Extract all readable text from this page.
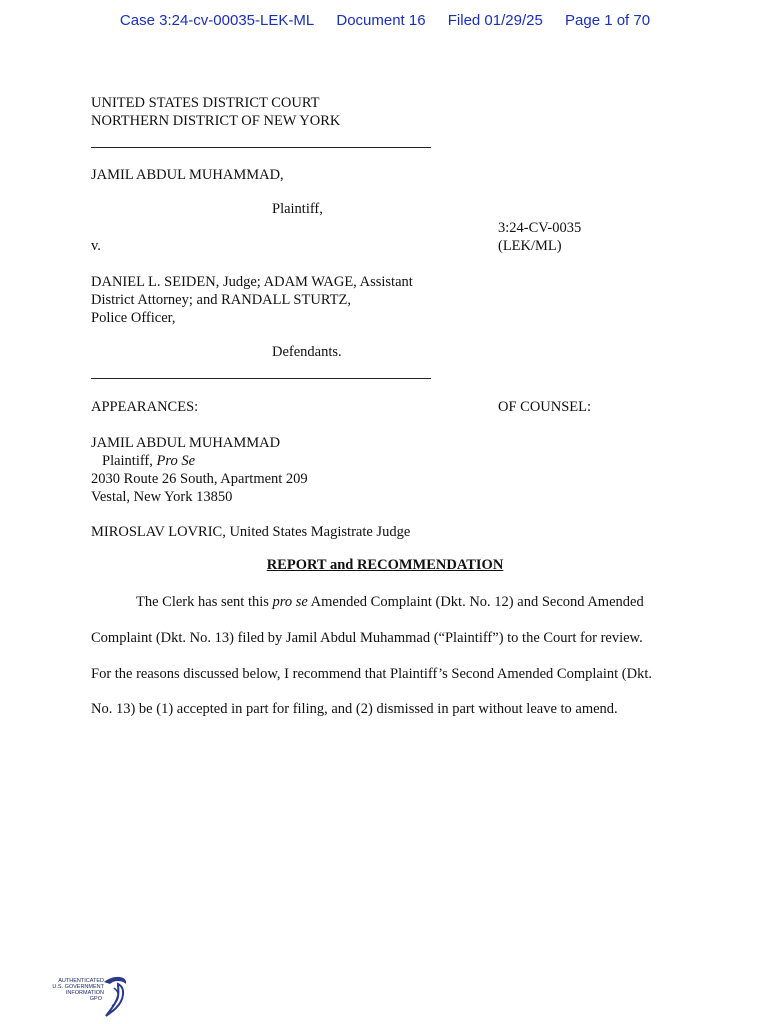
Case 3:24-cv-00035-LEK-ML Document 16 Filed 01/29/25 Page 1 of 70
UNITED STATES DISTRICT COURT
NORTHERN DISTRICT OF NEW YORK
JAMIL ABDUL MUHAMMAD,
Plaintiff,
3:24-CV-0035
(LEK/ML)
v.
DANIEL L. SEIDEN, Judge; ADAM WAGE, Assistant
District Attorney; and RANDALL STURTZ,
Police Officer,
Defendants.
APPEARANCES:	OF COUNSEL:
JAMIL ABDUL MUHAMMAD
Plaintiff, Pro Se
2030 Route 26 South, Apartment 209
Vestal, New York 13850
MIROSLAV LOVRIC, United States Magistrate Judge
REPORT and RECOMMENDATION
The Clerk has sent this pro se Amended Complaint (Dkt. No. 12) and Second Amended
Complaint (Dkt. No. 13) filed by Jamil Abdul Muhammad (“Plaintiff”) to the Court for review.
For the reasons discussed below, I recommend that Plaintiff’s Second Amended Complaint (Dkt.
No. 13) be (1) accepted in part for filing, and (2) dismissed in part without leave to amend.
AUTHENTICATED
U.S. GOVERNMENT
INFORMATION
GPO
